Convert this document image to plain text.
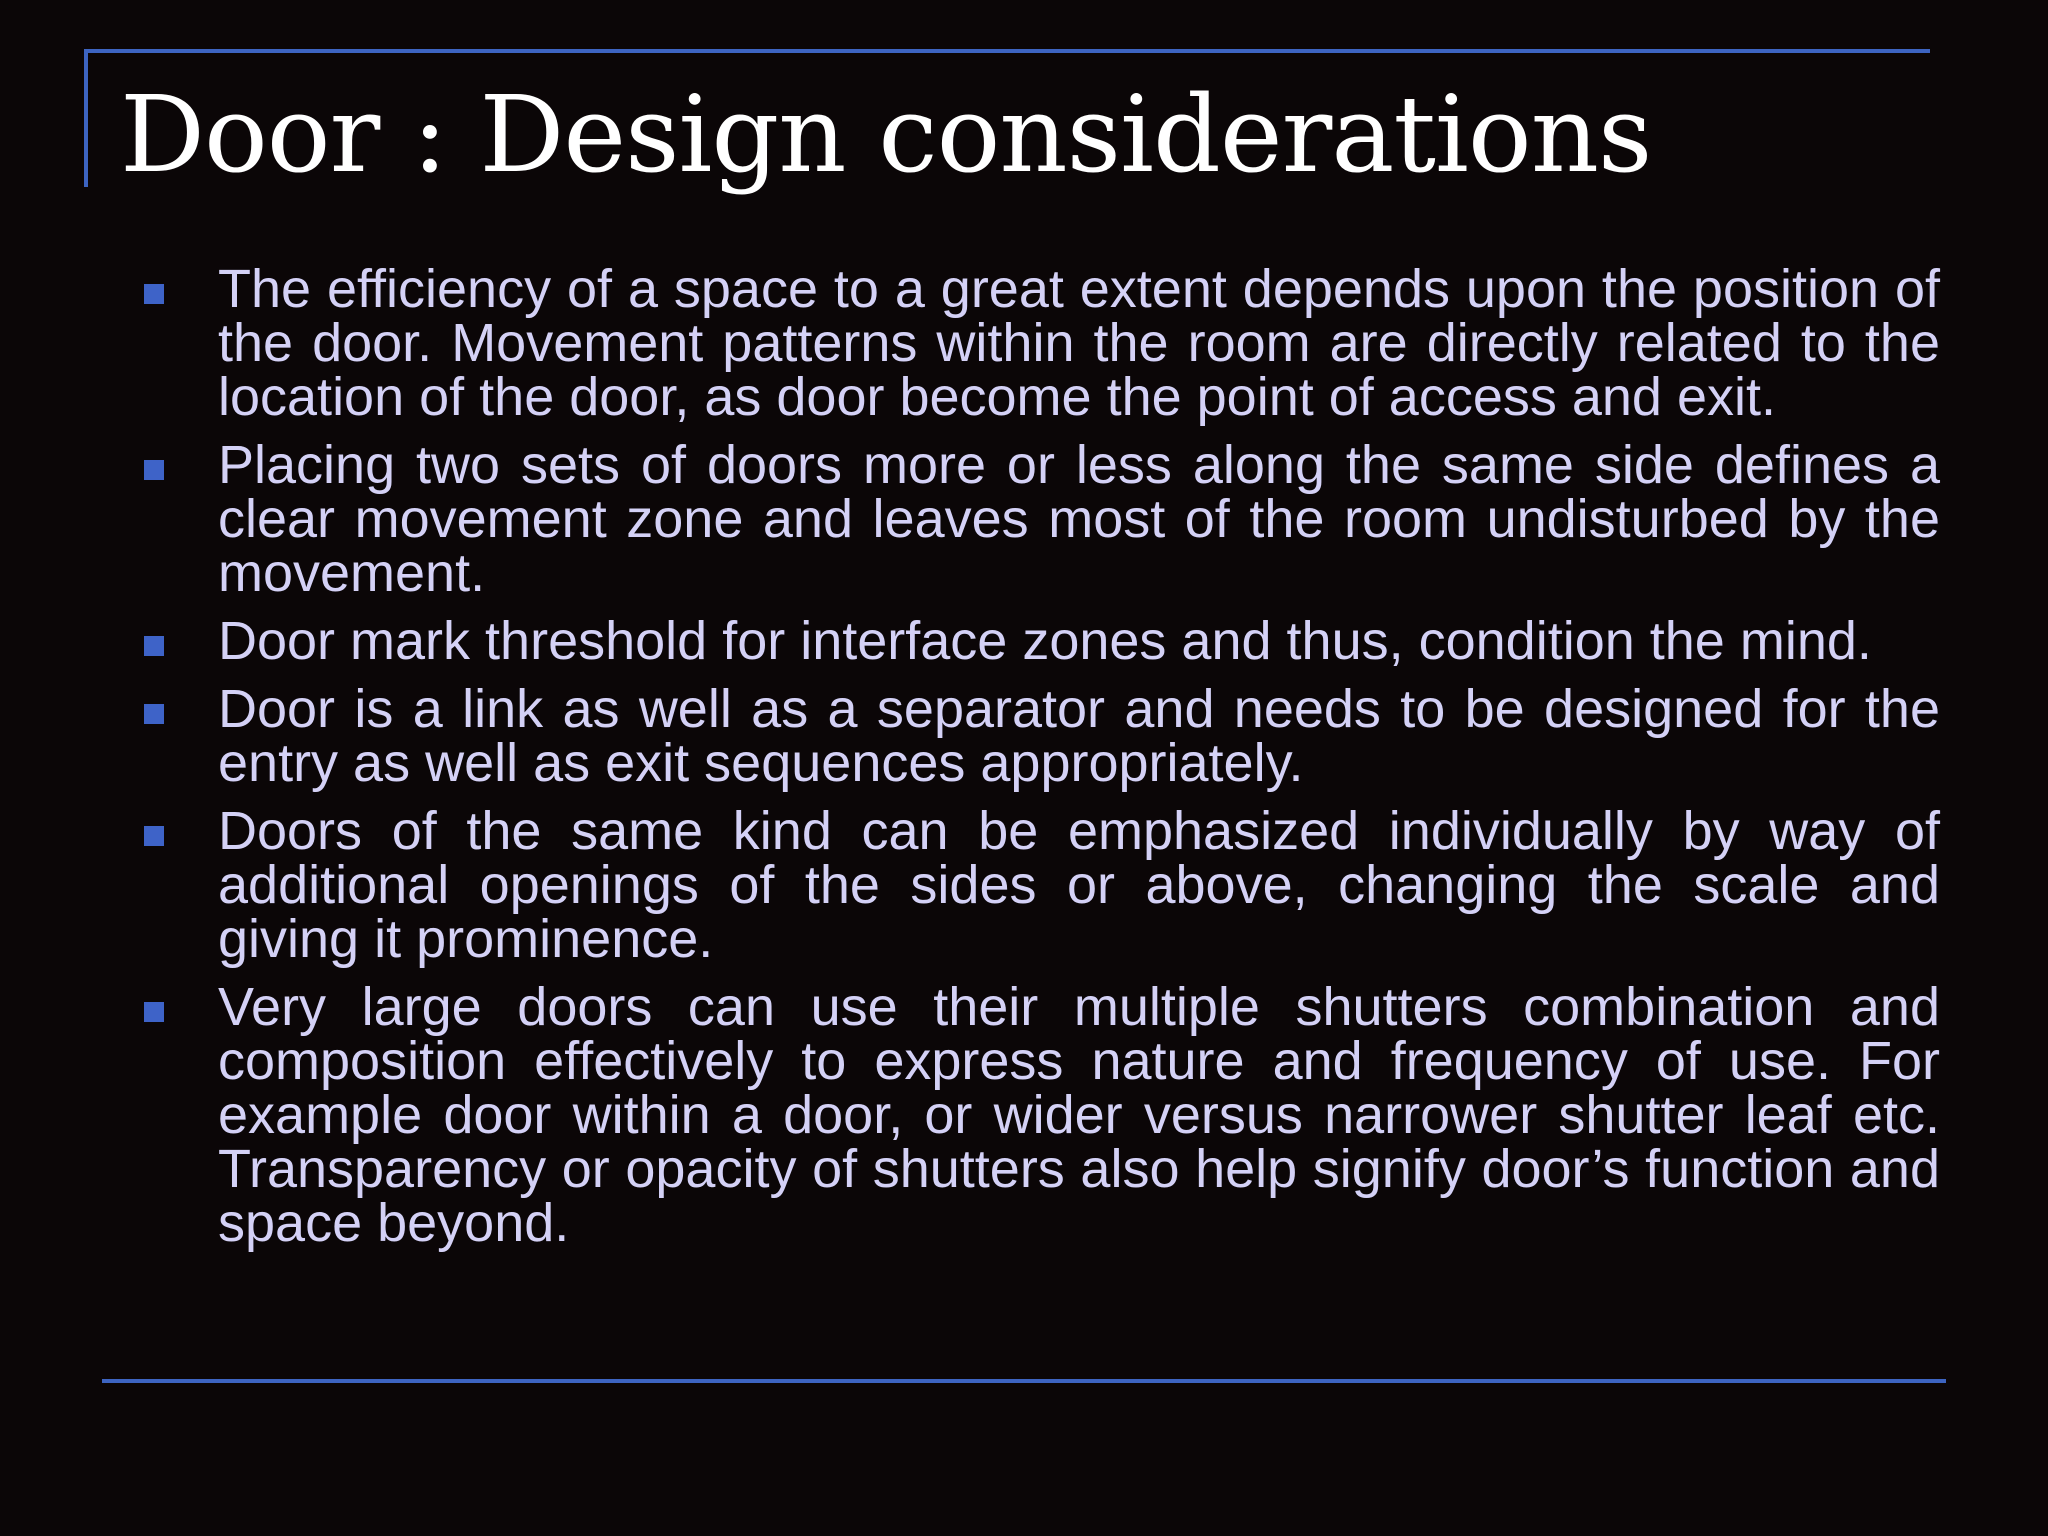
Door : Design considerations

The efficiency of a space to a great extent depends upon the position of the door. Movement patterns within the room are directly related to the location of the door, as door become the point of access and exit.

Placing two sets of doors more or less along the same side defines a clear movement zone and leaves most of the room undisturbed by the movement.

Door mark threshold for interface zones and thus, condition the mind.

Door is a link as well as a separator and needs to be designed for the entry as well as exit sequences appropriately.

Doors of the same kind can be emphasized individually by way of additional openings of the sides or above, changing the scale and giving it prominence.

Very large doors can use their multiple shutters combination and composition effectively to express nature and frequency of use. For example door within a door, or wider versus narrower shutter leaf etc. Transparency or opacity of shutters also help signify door’s function and space beyond.
